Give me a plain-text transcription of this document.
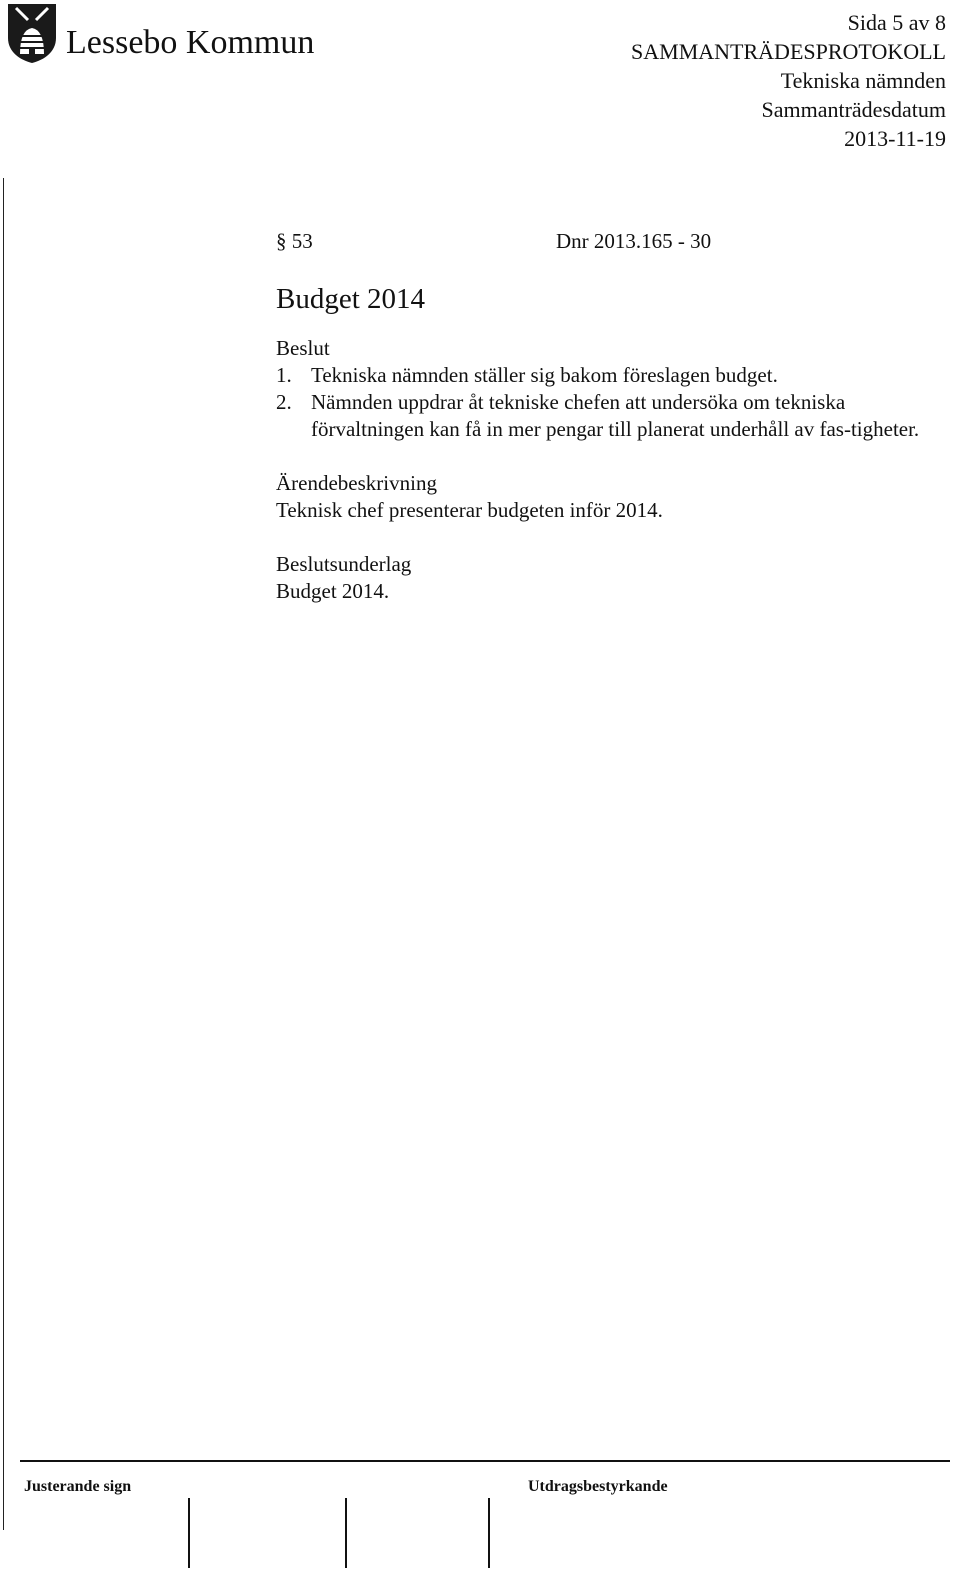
Lessebo Kommun
Sida 5 av 8
SAMMANTRÄDESPROTOKOLL
Tekniska nämnden
Sammanträdesdatum
2013-11-19
§ 53	Dnr 2013.165 - 30
Budget 2014
Beslut
1. Tekniska nämnden ställer sig bakom föreslagen budget.
2. Nämnden uppdrar åt tekniske chefen att undersöka om tekniska förvaltningen kan få in mer pengar till planerat underhåll av fas-tigheter.
Ärendebeskrivning
Teknisk chef presenterar budgeten inför 2014.
Beslutsunderlag
Budget 2014.
Justerande sign	Utdragsbestyrkande
